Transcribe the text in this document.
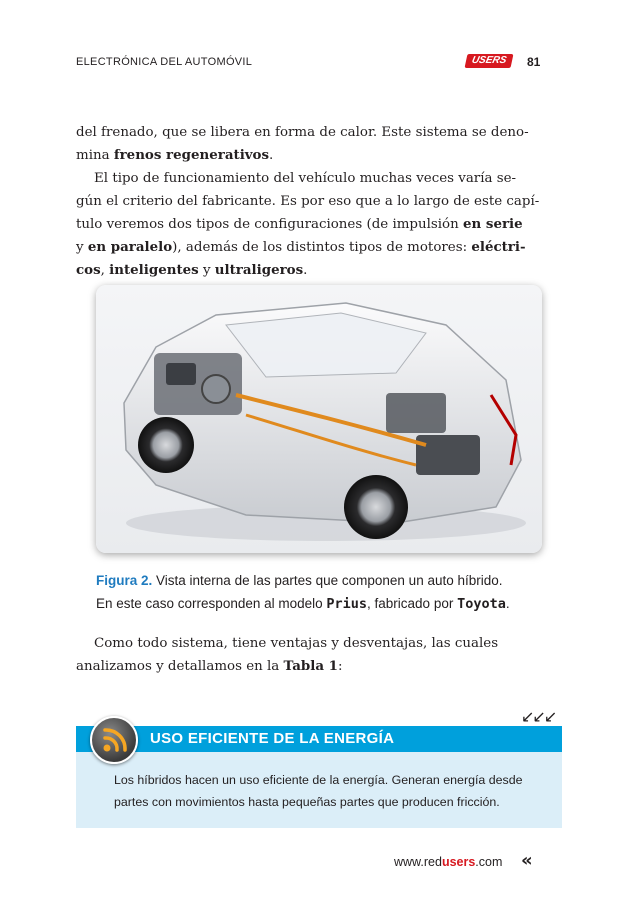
ELECTRÓNICA DEL AUTOMÓVIL	USERS	81
del frenado, que se libera en forma de calor. Este sistema se deno-
mina frenos regenerativos.
El tipo de funcionamiento del vehículo muchas veces varía se-
gún el criterio del fabricante. Es por eso que a lo largo de este capí-
tulo veremos dos tipos de configuraciones (de impulsión en serie
y en paralelo), además de los distintos tipos de motores: eléctri-
cos, inteligentes y ultraligeros.
Figura 2. Vista interna de las partes que componen un auto híbrido.
En este caso corresponden al modelo Prius, fabricado por Toyota.
Como todo sistema, tiene ventajas y desventajas, las cuales
analizamos y detallamos en la Tabla 1:
↙↙↙
USO EFICIENTE DE LA ENERGÍA
Los híbridos hacen un uso eficiente de la energía. Generan energía desde
partes con movimientos hasta pequeñas partes que producen fricción.
www.redusers.com «
